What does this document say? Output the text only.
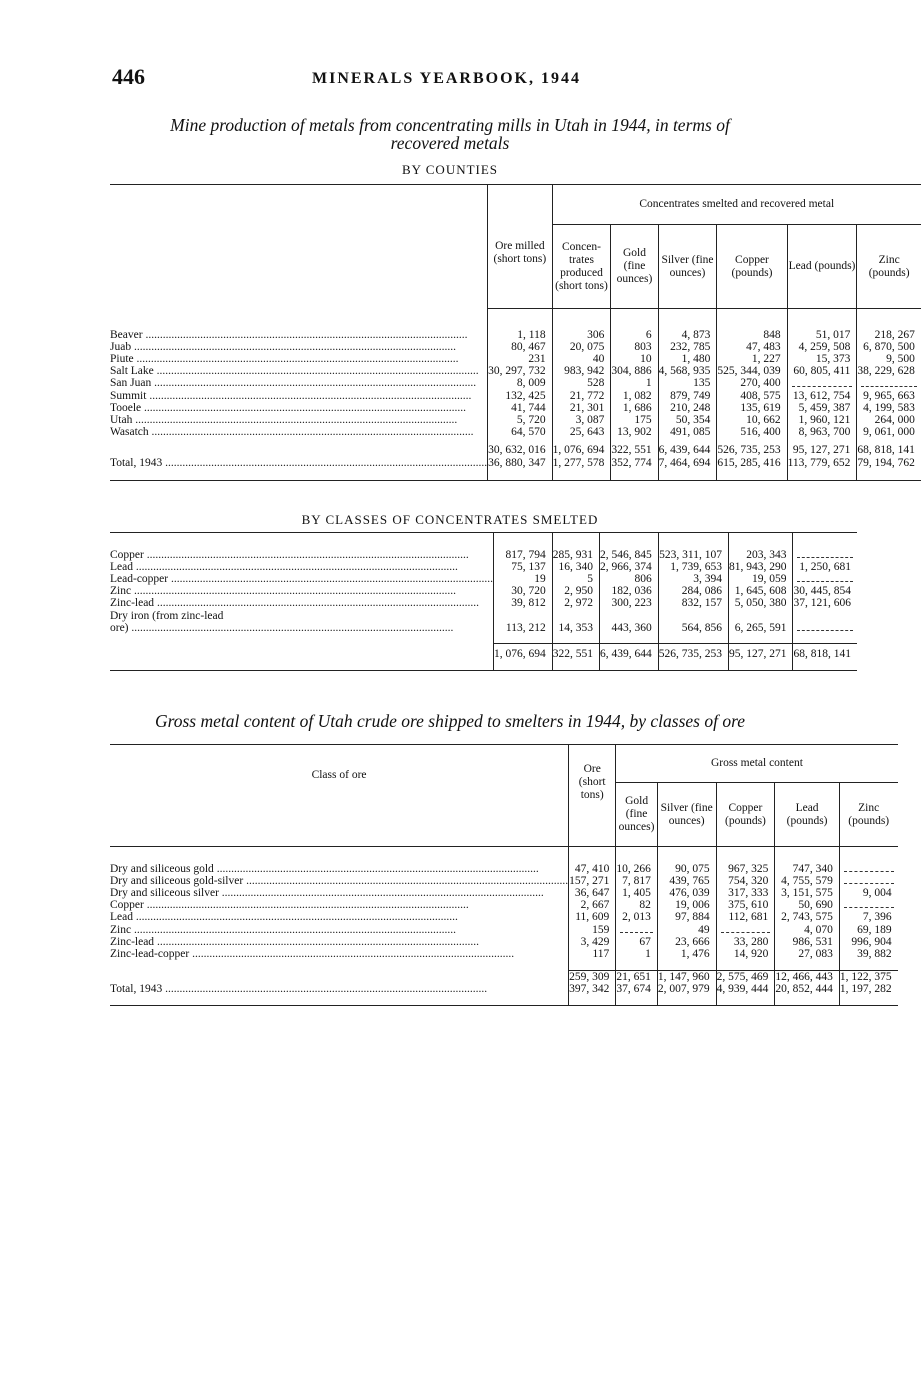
446	MINERALS YEARBOOK, 1944
Mine production of metals from concentrating mills in Utah in 1944, in terms of
recovered metals
BY COUNTIES
	Ore milled (short tons)	Concentrates smelted and recovered metal					
		Concen- trates produced (short tons)	Gold (fine ounces)	Silver (fine ounces)	Copper (pounds)	Lead (pounds)	Zinc (pounds)

Beaver .....	1, 118	306	6	4, 873	848	51, 017	218, 267
Juab .....	80, 467	20, 075	803	232, 785	47, 483	4, 259, 508	6, 870, 500
Piute .....	231	40	10	1, 480	1, 227	15, 373	9, 500
Salt Lake .....	30, 297, 732	983, 942	304, 886	4, 568, 935	525, 344, 039	60, 805, 411	38, 229, 628
San Juan .....	8, 009	528	1	135	270, 400	

Summit .....	132, 425	21, 772	1, 082	879, 749	408, 575	13, 612, 754	9, 965, 663
Tooele .....	41, 744	21, 301	1, 686	210, 248	135, 619	5, 459, 387	4, 199, 583
Utah .....	5, 720	3, 087	175	50, 354	10, 662	1, 960, 121	264, 000
Wasatch .....	64, 570	25, 643	13, 902	491, 085	516, 400	8, 963, 700	9, 061, 000

	30, 632, 016	1, 076, 694	322, 551	6, 439, 644	526, 735, 253	95, 127, 271	68, 818, 141
Total, 1943 .....	36, 880, 347	1, 277, 578	352, 774	7, 464, 694	615, 285, 416	113, 779, 652	79, 194, 762

BY CLASSES OF CONCENTRATES SMELTED

Copper .....	817, 794	285, 931	2, 546, 845	523, 311, 107	203, 343	

Lead .....	75, 137	16, 340	2, 966, 374	1, 739, 653	81, 943, 290	1, 250, 681
Lead-copper .....	19	5	806	3, 394	19, 059	

Zinc .....	30, 720	2, 950	182, 036	284, 086	1, 645, 608	30, 445, 854
Zinc-lead .....	39, 812	2, 972	300, 223	832, 157	5, 050, 380	37, 121, 606
Dry iron (from zinc-lead						
ore) .....	113, 212	14, 353	443, 360	564, 856	6, 265, 591	

	1, 076, 694	322, 551	6, 439, 644	526, 735, 253	95, 127, 271	68, 818, 141

Gross metal content of Utah crude ore shipped to smelters in 1944, by classes of ore
Class of ore	Ore (short tons)	Gross metal content				
		Gold (fine ounces)	Silver (fine ounces)	Copper (pounds)	Lead (pounds)	Zinc (pounds)

Dry and siliceous gold .....	47, 410	10, 266	90, 075	967, 325	747, 340	

Dry and siliceous gold-silver .....	157, 271	7, 817	439, 765	754, 320	4, 755, 579	

Dry and siliceous silver .....	36, 647	1, 405	476, 039	317, 333	3, 151, 575	9, 004
Copper .....	2, 667	82	19, 006	375, 610	50, 690	

Lead .....	11, 609	2, 013	97, 884	112, 681	2, 743, 575	7, 396
Zinc .....	159		49		4, 070	69, 189
Zinc-lead .....	3, 429	67	23, 666	33, 280	986, 531	996, 904
Zinc-lead-copper .....	117	1	1, 476	14, 920	27, 083	39, 882

	259, 309	21, 651	1, 147, 960	2, 575, 469	12, 466, 443	1, 122, 375
Total, 1943 .....	397, 342	37, 674	2, 007, 979	4, 939, 444	20, 852, 444	1, 197, 282
